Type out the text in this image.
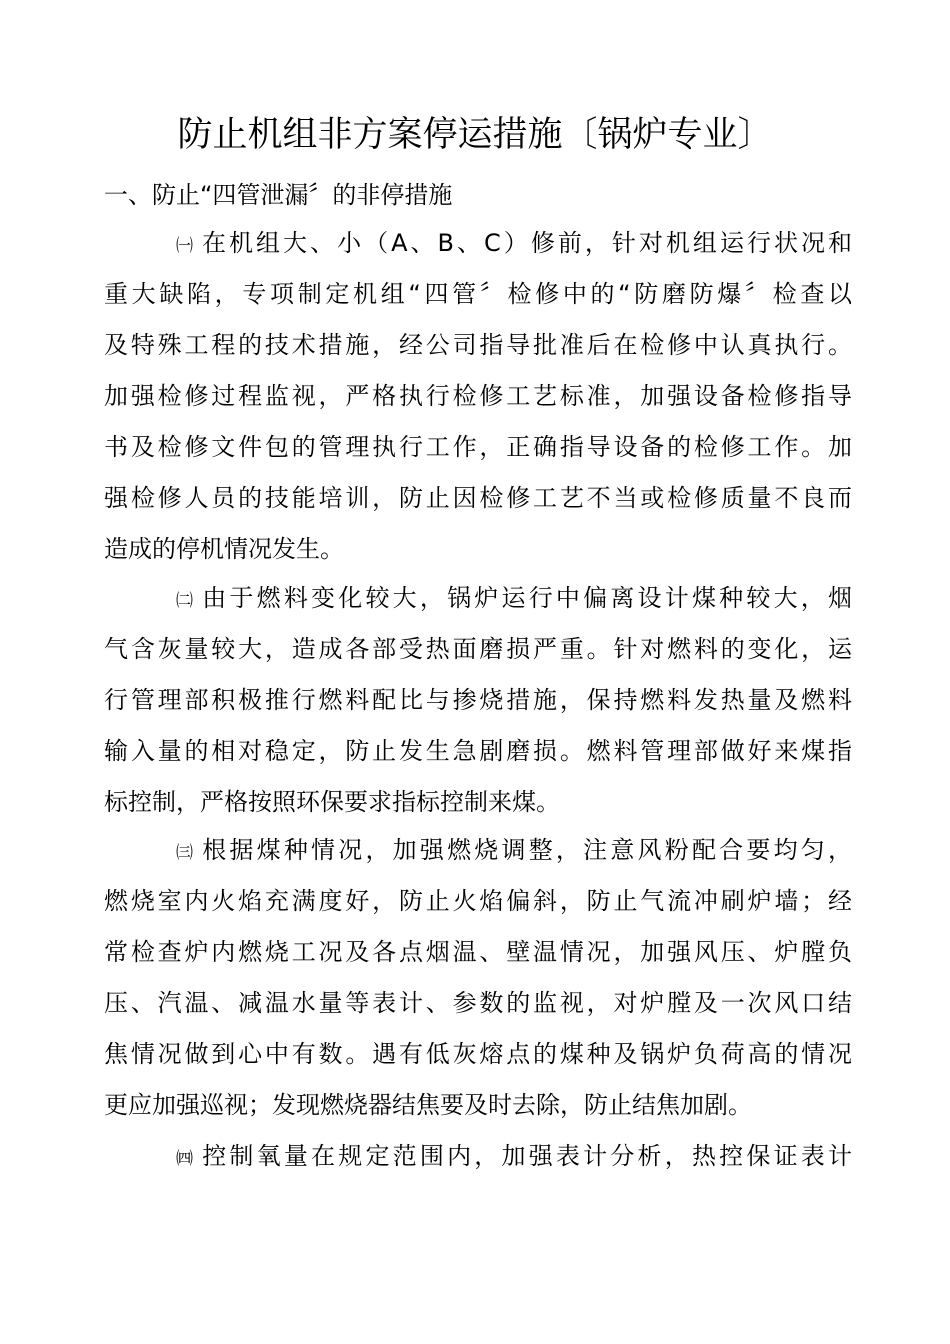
防止机组非方案停运措施〔锅炉专业〕
一、防止“四管泄漏〞的非停措施
㈠ 在机组大、小（A、B、C）修前，针对机组运行状况和
重大缺陷，专项制定机组“四管〞检修中的“防磨防爆〞检查以
及特殊工程的技术措施，经公司指导批准后在检修中认真执行。
加强检修过程监视，严格执行检修工艺标准，加强设备检修指导
书及检修文件包的管理执行工作，正确指导设备的检修工作。加
强检修人员的技能培训，防止因检修工艺不当或检修质量不良而
造成的停机情况发生。
㈡ 由于燃料变化较大，锅炉运行中偏离设计煤种较大，烟
气含灰量较大，造成各部受热面磨损严重。针对燃料的变化，运
行管理部积极推行燃料配比与掺烧措施，保持燃料发热量及燃料
输入量的相对稳定，防止发生急剧磨损。燃料管理部做好来煤指
标控制，严格按照环保要求指标控制来煤。
㈢ 根据煤种情况，加强燃烧调整，注意风粉配合要均匀，
燃烧室内火焰充满度好，防止火焰偏斜，防止气流冲刷炉墙；经
常检查炉内燃烧工况及各点烟温、壁温情况，加强风压、炉膛负
压、汽温、减温水量等表计、参数的监视，对炉膛及一次风口结
焦情况做到心中有数。遇有低灰熔点的煤种及锅炉负荷高的情况
更应加强巡视；发现燃烧器结焦要及时去除，防止结焦加剧。
㈣ 控制氧量在规定范围内，加强表计分析，热控保证表计
